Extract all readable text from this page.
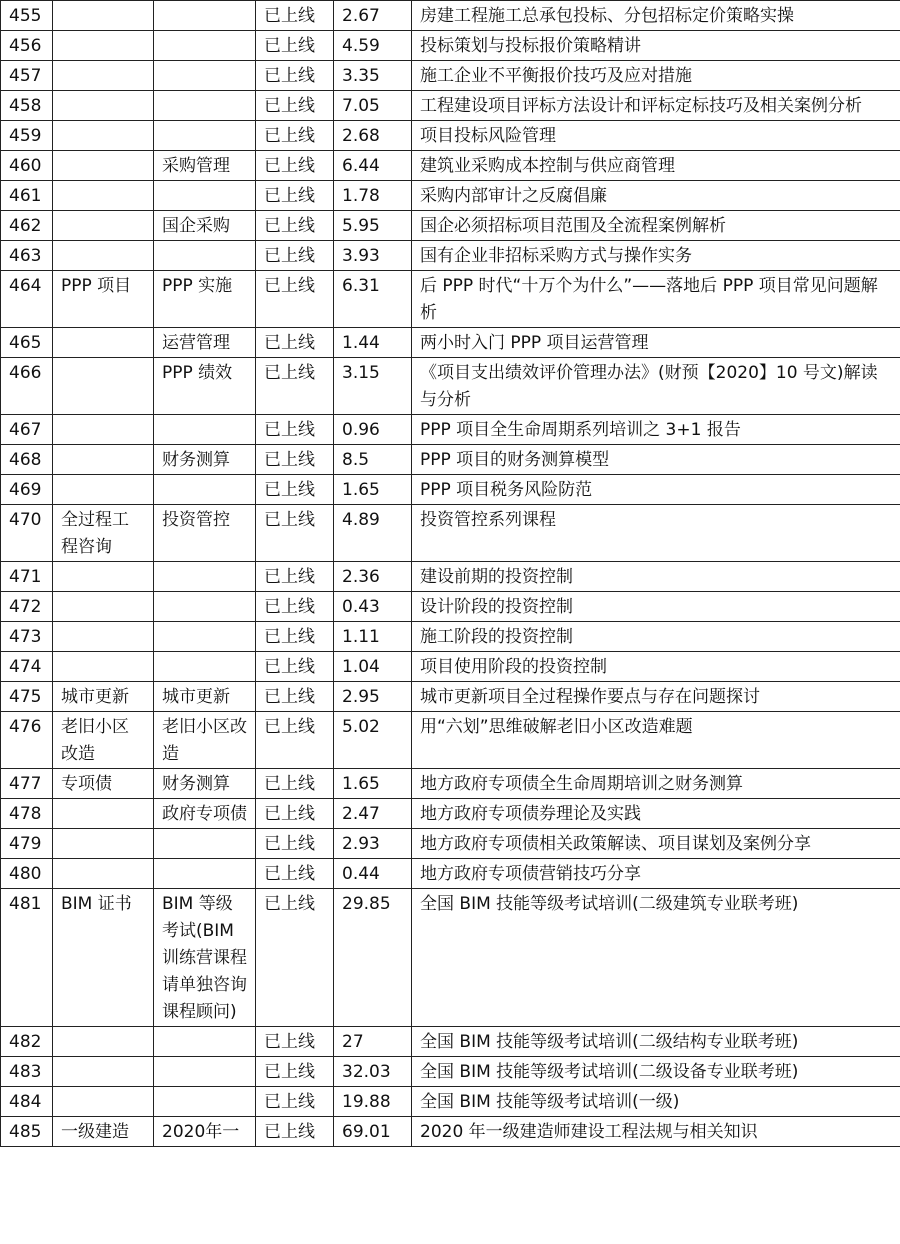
455			已上线	2.67	房建工程施工总承包投标、分包招标定价策略实操
456			已上线	4.59	投标策划与投标报价策略精讲
457			已上线	3.35	施工企业不平衡报价技巧及应对措施
458			已上线	7.05	工程建设项目评标方法设计和评标定标技巧及相关案例分析
459			已上线	2.68	项目投标风险管理
460		采购管理	已上线	6.44	建筑业采购成本控制与供应商管理
461			已上线	1.78	采购内部审计之反腐倡廉
462		国企采购	已上线	5.95	国企必须招标项目范围及全流程案例解析
463			已上线	3.93	国有企业非招标采购方式与操作实务
464	PPP 项目	PPP 实施	已上线	6.31	后 PPP 时代“十万个为什么”——落地后 PPP 项目常见问题解析
465		运营管理	已上线	1.44	两小时入门 PPP 项目运营管理
466		PPP 绩效	已上线	3.15	《项目支出绩效评价管理办法》(财预【2020】10 号文)解读与分析
467			已上线	0.96	PPP 项目全生命周期系列培训之 3+1 报告
468		财务测算	已上线	8.5	PPP 项目的财务测算模型
469			已上线	1.65	PPP 项目税务风险防范
470	全过程工程咨询	投资管控	已上线	4.89	投资管控系列课程
471			已上线	2.36	建设前期的投资控制
472			已上线	0.43	设计阶段的投资控制
473			已上线	1.11	施工阶段的投资控制
474			已上线	1.04	项目使用阶段的投资控制
475	城市更新	城市更新	已上线	2.95	城市更新项目全过程操作要点与存在问题探讨
476	老旧小区改造	老旧小区改造	已上线	5.02	用“六划”思维破解老旧小区改造难题
477	专项债	财务测算	已上线	1.65	地方政府专项债全生命周期培训之财务测算
478		政府专项债	已上线	2.47	地方政府专项债券理论及实践
479			已上线	2.93	地方政府专项债相关政策解读、项目谋划及案例分享
480			已上线	0.44	地方政府专项债营销技巧分享
481	BIM 证书	BIM 等级考试(BIM 训练营课程请单独咨询课程顾问)	已上线	29.85	全国 BIM 技能等级考试培训(二级建筑专业联考班)
482			已上线	27	全国 BIM 技能等级考试培训(二级结构专业联考班)
483			已上线	32.03	全国 BIM 技能等级考试培训(二级设备专业联考班)
484			已上线	19.88	全国 BIM 技能等级考试培训(一级)
485	一级建造	2020年一	已上线	69.01	2020 年一级建造师建设工程法规与相关知识
